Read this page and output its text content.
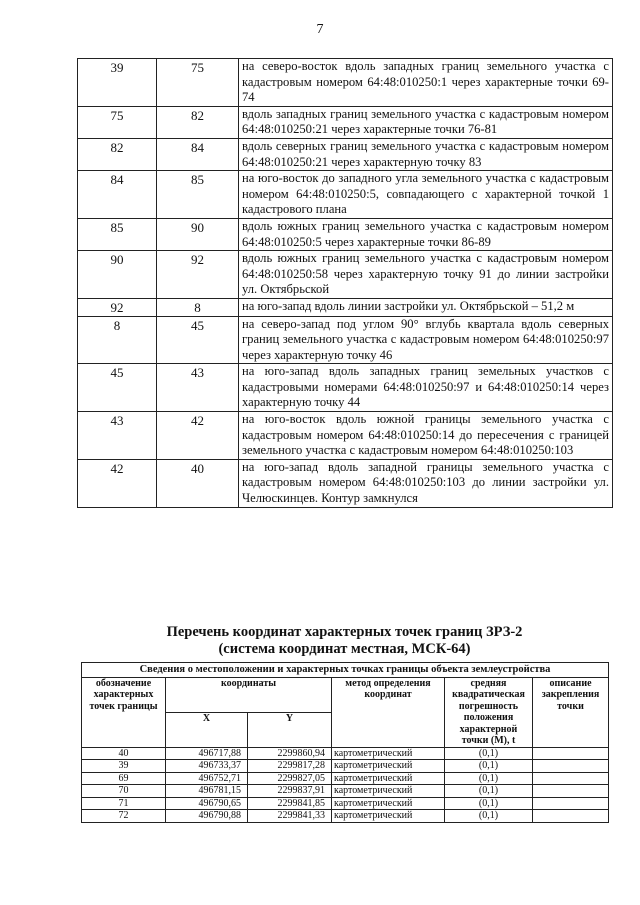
7
39	75	на северо-восток вдоль западных границ земельного участка с кадастровым номером 64:48:010250:1 через характерные точки 69-74
75	82	вдоль западных границ земельного участка с кадастровым номером 64:48:010250:21 через характерные точки 76-81
82	84	вдоль северных границ земельного участка с кадастровым номером 64:48:010250:21 через характерную точку 83
84	85	на юго-восток до западного угла земельного участка с кадастровым номером 64:48:010250:5, совпадающего с характерной точкой 1 кадастрового плана
85	90	вдоль южных границ земельного участка с кадастровым номером 64:48:010250:5 через характерные точки 86-89
90	92	вдоль южных границ земельного участка с кадастровым номером 64:48:010250:58 через характерную точку 91 до линии застройки ул. Октябрьской
92	8	на юго-запад вдоль линии застройки ул. Октябрьской – 51,2 м
8	45	на северо-запад под углом 90° вглубь квартала вдоль северных границ земельного участка с кадастровым номером 64:48:010250:97 через характерную точку 46
45	43	на юго-запад вдоль западных границ земельных участков с кадастровыми номерами 64:48:010250:97 и 64:48:010250:14 через характерную точку 44
43	42	на юго-восток вдоль южной границы земельного участка с кадастровым номером 64:48:010250:14 до пересечения с границей земельного участка с кадастровым номером 64:48:010250:103
42	40	на юго-запад вдоль западной границы земельного участка с кадастровым номером 64:48:010250:103 до линии застройки ул. Челюскинцев. Контур замкнулся
Перечень координат характерных точек границ ЗРЗ-2
(система координат местная, МСК-64)
Сведения о местоположении и характерных точках границы объекта землеустройства					
обозначение характерных точек границы	координаты		метод определения координат	средняя квадратическая погрешность положения характерной точки (М), t	описание закрепления точки
	X	Y			
40	496717,88	2299860,94	картометрический	(0,1)	
39	496733,37	2299817,28	картометрический	(0,1)	
69	496752,71	2299827,05	картометрический	(0,1)	
70	496781,15	2299837,91	картометрический	(0,1)	
71	496790,65	2299841,85	картометрический	(0,1)	
72	496790,88	2299841,33	картометрический	(0,1)	
